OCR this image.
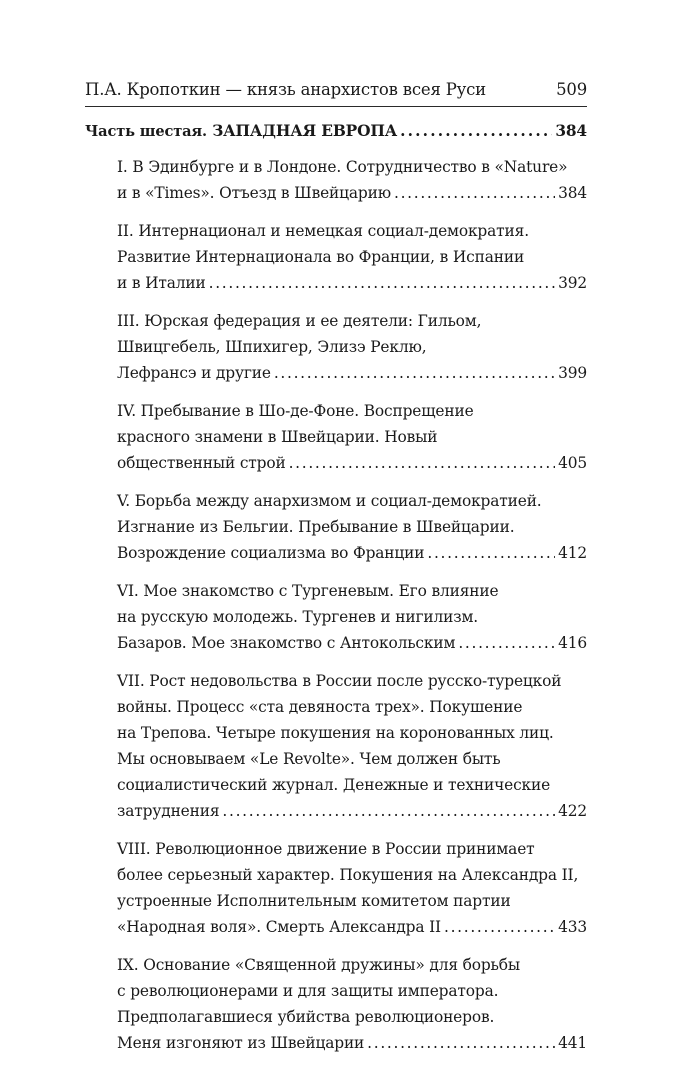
П.А. Кропоткин — князь анархистов всея Руси	509
Часть шестая.
ЗАПАДНАЯ ЕВРОПА . . .	384
I. В Эдинбурге и в Лондоне. Сотрудничество в «Nature»
и в «Times». Отъезд в Швейцарию . . .	384
II. Интернационал и немецкая социал-демократия.
Развитие Интернационала во Франции, в Испании
и в Италии . . .	392
III. Юрская федерация и ее деятели: Гильом,
Швицгебель, Шпихигер, Элизэ Реклю,
Лефрансэ и другие . . .	399
IV. Пребывание в Шо-де-Фоне. Воспрещение
красного знамени в Швейцарии. Новый
общественный строй . . .	405
V. Борьба между анархизмом и социал-демократией.
Изгнание из Бельгии. Пребывание в Швейцарии.
Возрождение социализма во Франции . . .	412
VI. Мое знакомство с Тургеневым. Его влияние
на русскую молодежь. Тургенев и нигилизм.
Базаров. Мое знакомство с Антокольским . . .	416
VII. Рост недовольства в России после русско-турецкой
войны. Процесс «ста девяноста трех». Покушение
на Трепова. Четыре покушения на коронованных лиц.
Мы основываем «Le Revolte». Чем должен быть
социалистический журнал. Денежные и технические
затруднения . . .	422
VIII. Революционное движение в России принимает
более серьезный характер. Покушения на Александра II,
устроенные Исполнительным комитетом партии
«Народная воля». Смерть Александра II . . .	433
IX. Основание «Священной дружины» для борьбы
с революционерами и для защиты императора.
Предполагавшиеся убийства революционеров.
Меня изгоняют из Швейцарии . . .	441
